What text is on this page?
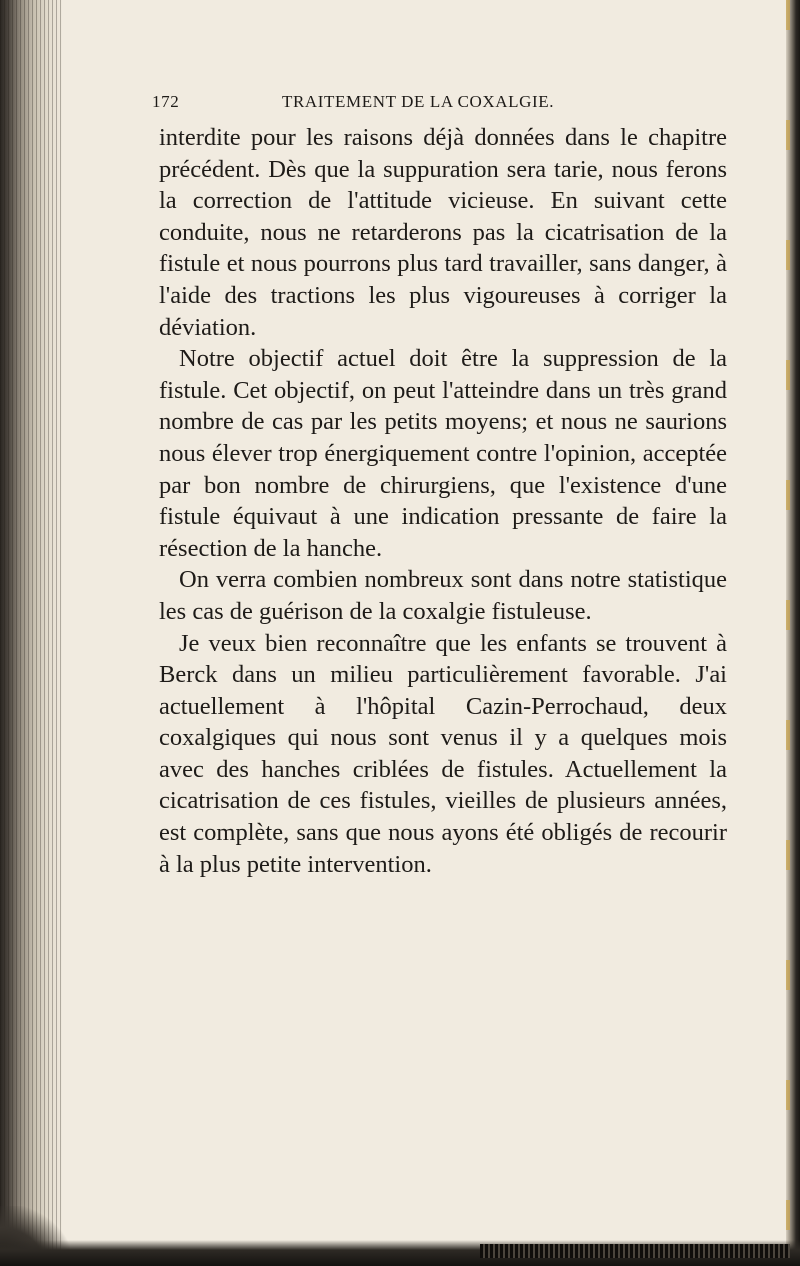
172	TRAITEMENT DE LA COXALGIE.

interdite pour les raisons déjà données dans le chapitre précédent. Dès que la suppuration sera tarie, nous ferons la correction de l'attitude vicieuse. En suivant cette conduite, nous ne retarderons pas la cicatrisation de la fistule et nous pourrons plus tard travailler, sans danger, à l'aide des tractions les plus vigoureuses à corriger la déviation.

Notre objectif actuel doit être la suppression de la fistule. Cet objectif, on peut l'atteindre dans un très grand nombre de cas par les petits moyens; et nous ne saurions nous élever trop énergiquement contre l'opinion, acceptée par bon nombre de chirurgiens, que l'existence d'une fistule équivaut à une indication pressante de faire la résection de la hanche.

On verra combien nombreux sont dans notre statistique les cas de guérison de la coxalgie fistuleuse.

Je veux bien reconnaître que les enfants se trouvent à Berck dans un milieu particulièrement favorable. J'ai actuellement à l'hôpital Cazin-Perrochaud, deux coxalgiques qui nous sont venus il y a quelques mois avec des hanches criblées de fistules. Actuellement la cicatrisation de ces fistules, vieilles de plusieurs années, est complète, sans que nous ayons été obligés de recourir à la plus petite intervention.
